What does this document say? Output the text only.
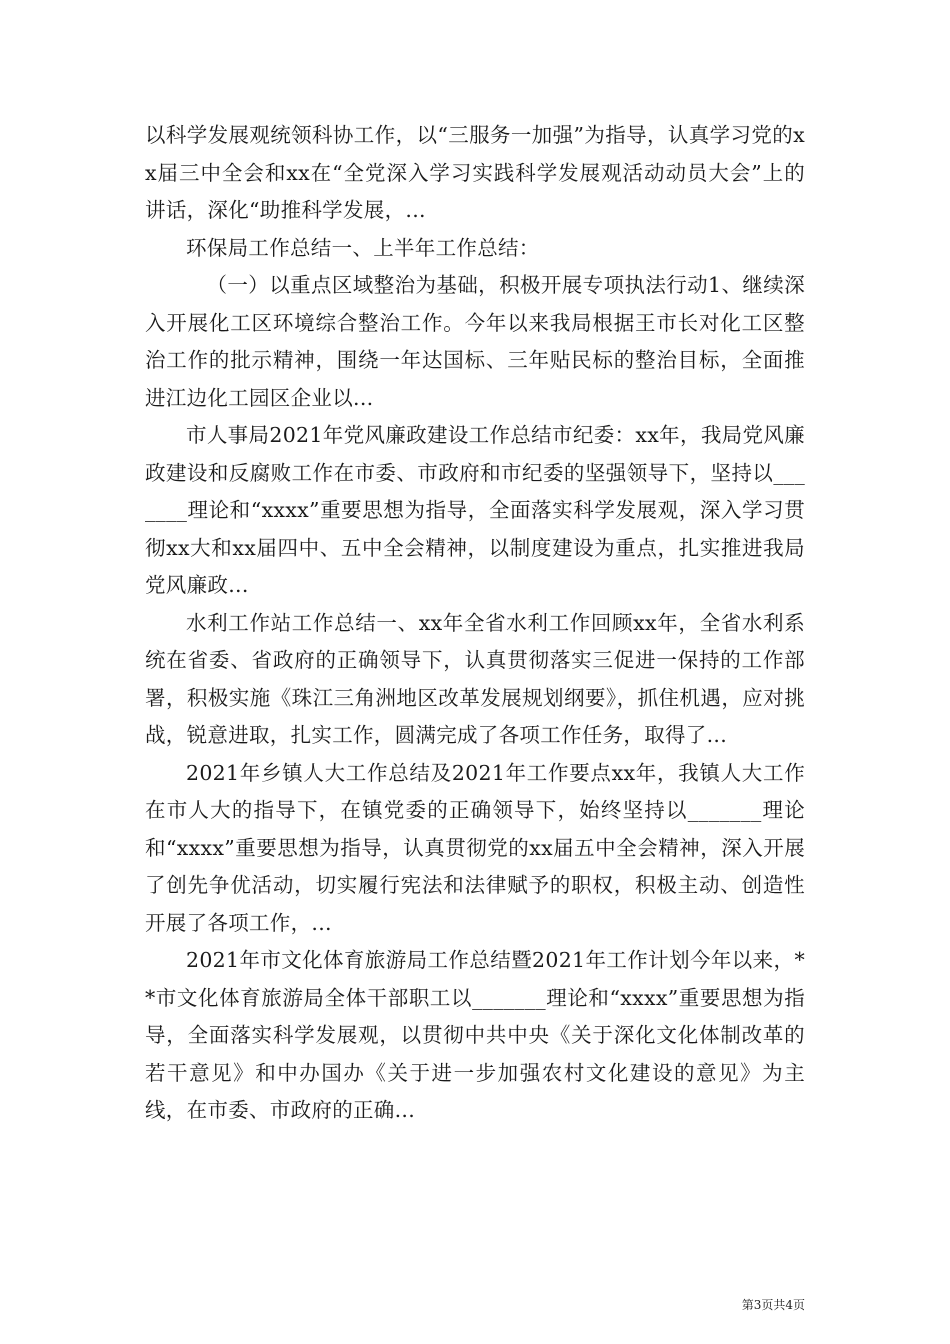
以科学发展观统领科协工作，以“三服务一加强”为指导，认真学习党的xx届三中全会和xx在“全党深入学习实践科学发展观活动动员大会”上的讲话，深化“助推科学发展，...

环保局工作总结一、上半年工作总结：

（一）以重点区域整治为基础，积极开展专项执法行动1、继续深入开展化工区环境综合整治工作。今年以来我局根据王市长对化工区整治工作的批示精神，围绕一年达国标、三年贴民标的整治目标，全面推进江边化工园区企业以...

市人事局2021年党风廉政建设工作总结市纪委：xx年，我局党风廉政建设和反腐败工作在市委、市政府和市纪委的坚强领导下，坚持以_______理论和“xxxx”重要思想为指导，全面落实科学发展观，深入学习贯彻xx大和xx届四中、五中全会精神，以制度建设为重点，扎实推进我局党风廉政...

水利工作站工作总结一、xx年全省水利工作回顾xx年，全省水利系统在省委、省政府的正确领导下，认真贯彻落实三促进一保持的工作部署，积极实施《珠江三角洲地区改革发展规划纲要》，抓住机遇，应对挑战，锐意进取，扎实工作，圆满完成了各项工作任务，取得了...

2021年乡镇人大工作总结及2021年工作要点xx年，我镇人大工作在市人大的指导下，在镇党委的正确领导下，始终坚持以_______理论和“xxxx”重要思想为指导，认真贯彻党的xx届五中全会精神，深入开展了创先争优活动，切实履行宪法和法律赋予的职权，积极主动、创造性开展了各项工作，...

2021年市文化体育旅游局工作总结暨2021年工作计划今年以来，**市文化体育旅游局全体干部职工以_______理论和“xxxx”重要思想为指导，全面落实科学发展观，以贯彻中共中央《关于深化文化体制改革的若干意见》和中办国办《关于进一步加强农村文化建设的意见》为主线，在市委、市政府的正确...

第3页共4页
